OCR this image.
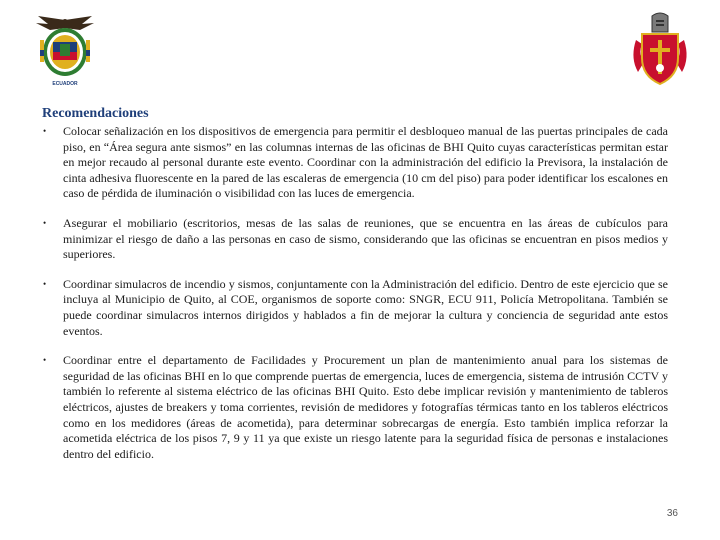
ECUADOR
Recomendaciones
• Colocar señalización en los dispositivos de emergencia para permitir el desbloqueo manual de las puertas principales de cada piso, en “Área segura ante sismos” en las columnas internas de las oficinas de BHI Quito cuyas características permitan estar en mejor recaudo al personal durante este evento. Coordinar con la administración del edificio la Previsora, la instalación de cinta adhesiva fluorescente en la pared de las escaleras de emergencia (10 cm del piso) para poder identificar los escalones en caso de pérdida de iluminación o visibilidad con las luces de emergencia.
• Asegurar el mobiliario (escritorios, mesas de las salas de reuniones, que se encuentra en las áreas de cubículos para minimizar el riesgo de daño a las personas en caso de sismo, considerando que las oficinas se encuentran en pisos medios y superiores.
• Coordinar simulacros de incendio y sismos, conjuntamente con la Administración del edificio. Dentro de este ejercicio que se incluya al Municipio de Quito, al COE, organismos de soporte como: SNGR, ECU 911, Policía Metropolitana. También se puede coordinar simulacros internos dirigidos y hablados a fin de mejorar la cultura y conciencia de seguridad ante estos eventos.
• Coordinar entre el departamento de Facilidades y Procurement un plan de mantenimiento anual para los sistemas de seguridad de las oficinas BHI en lo que comprende puertas de emergencia, luces de emergencia, sistema de intrusión CCTV y también lo referente al sistema eléctrico de las oficinas BHI Quito. Esto debe implicar revisión y mantenimiento de tableros eléctricos, ajustes de breakers y toma corrientes, revisión de medidores y fotografías térmicas tanto en los tableros eléctricos como en los medidores (áreas de acometida), para determinar sobrecargas de energía. Esto también implica reforzar la acometida eléctrica de los pisos 7, 9 y 11 ya que existe un riesgo latente para la seguridad física de personas e instalaciones dentro del edificio.
36
